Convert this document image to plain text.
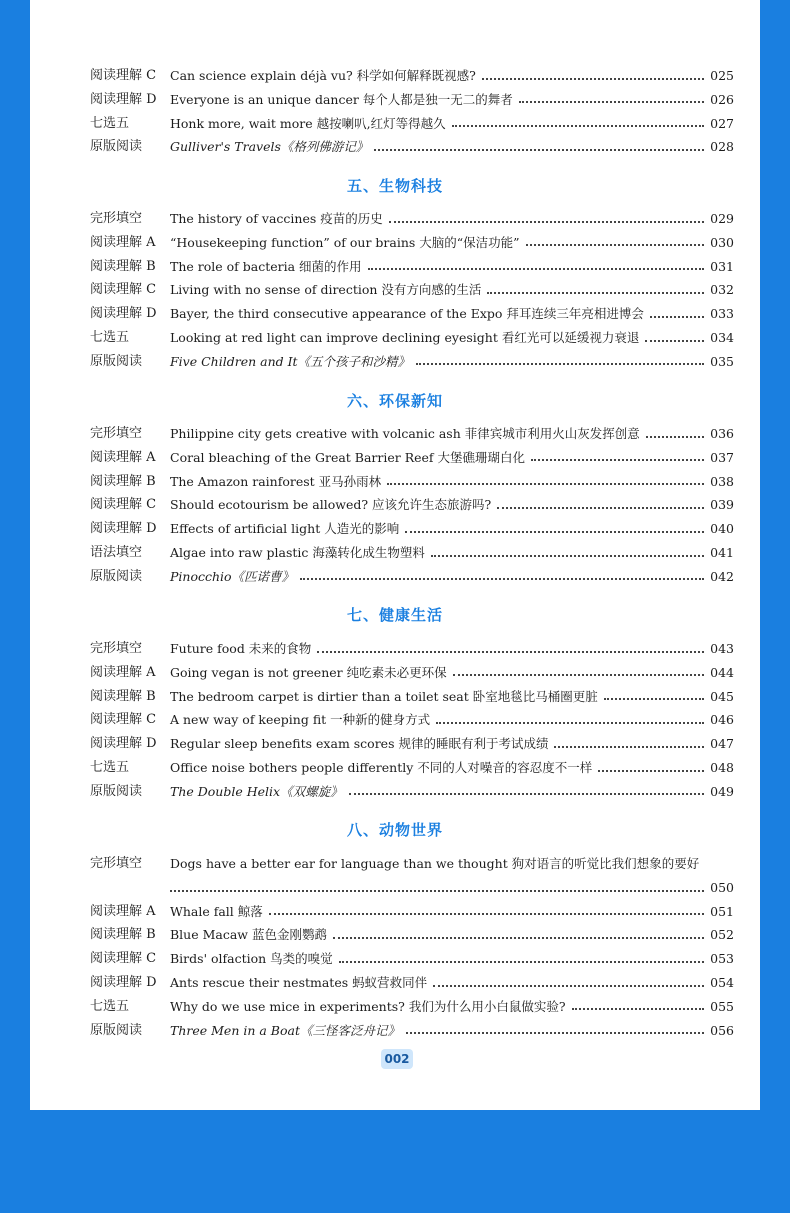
阅读理解 C	Can science explain déjà vu? 科学如何解释既视感?	025
阅读理解 D	Everyone is an unique dancer 每个人都是独一无二的舞者	026
七选五	Honk more, wait more 越按喇叭,红灯等得越久	027
原版阅读	Gulliver's Travels《格列佛游记》	028
五、生物科技
完形填空	The history of vaccines 疫苗的历史	029
阅读理解 A	“Housekeeping function” of our brains 大脑的“保洁功能”	030
阅读理解 B	The role of bacteria 细菌的作用	031
阅读理解 C	Living with no sense of direction 没有方向感的生活	032
阅读理解 D	Bayer, the third consecutive appearance of the Expo 拜耳连续三年亮相进博会	033
七选五	Looking at red light can improve declining eyesight 看红光可以延缓视力衰退	034
原版阅读	Five Children and It《五个孩子和沙精》	035
六、环保新知
完形填空	Philippine city gets creative with volcanic ash 菲律宾城市利用火山灰发挥创意	036
阅读理解 A	Coral bleaching of the Great Barrier Reef 大堡礁珊瑚白化	037
阅读理解 B	The Amazon rainforest 亚马孙雨林	038
阅读理解 C	Should ecotourism be allowed? 应该允许生态旅游吗?	039
阅读理解 D	Effects of artificial light 人造光的影响	040
语法填空	Algae into raw plastic 海藻转化成生物塑料	041
原版阅读	Pinocchio《匹诺曹》	042
七、健康生活
完形填空	Future food 未来的食物	043
阅读理解 A	Going vegan is not greener 纯吃素未必更环保	044
阅读理解 B	The bedroom carpet is dirtier than a toilet seat 卧室地毯比马桶圈更脏	045
阅读理解 C	A new way of keeping fit 一种新的健身方式	046
阅读理解 D	Regular sleep benefits exam scores 规律的睡眠有利于考试成绩	047
七选五	Office noise bothers people differently 不同的人对噪音的容忍度不一样	048
原版阅读	The Double Helix《双螺旋》	049
八、动物世界
完形填空	Dogs have a better ear for language than we thought 狗对语言的听觉比我们想象的要好
050
阅读理解 A	Whale fall 鲸落	051
阅读理解 B	Blue Macaw 蓝色金刚鹦鹉	052
阅读理解 C	Birds' olfaction 鸟类的嗅觉	053
阅读理解 D	Ants rescue their nestmates 蚂蚁营救同伴	054
七选五	Why do we use mice in experiments? 我们为什么用小白鼠做实验?	055
原版阅读	Three Men in a Boat《三怪客泛舟记》	056
002
